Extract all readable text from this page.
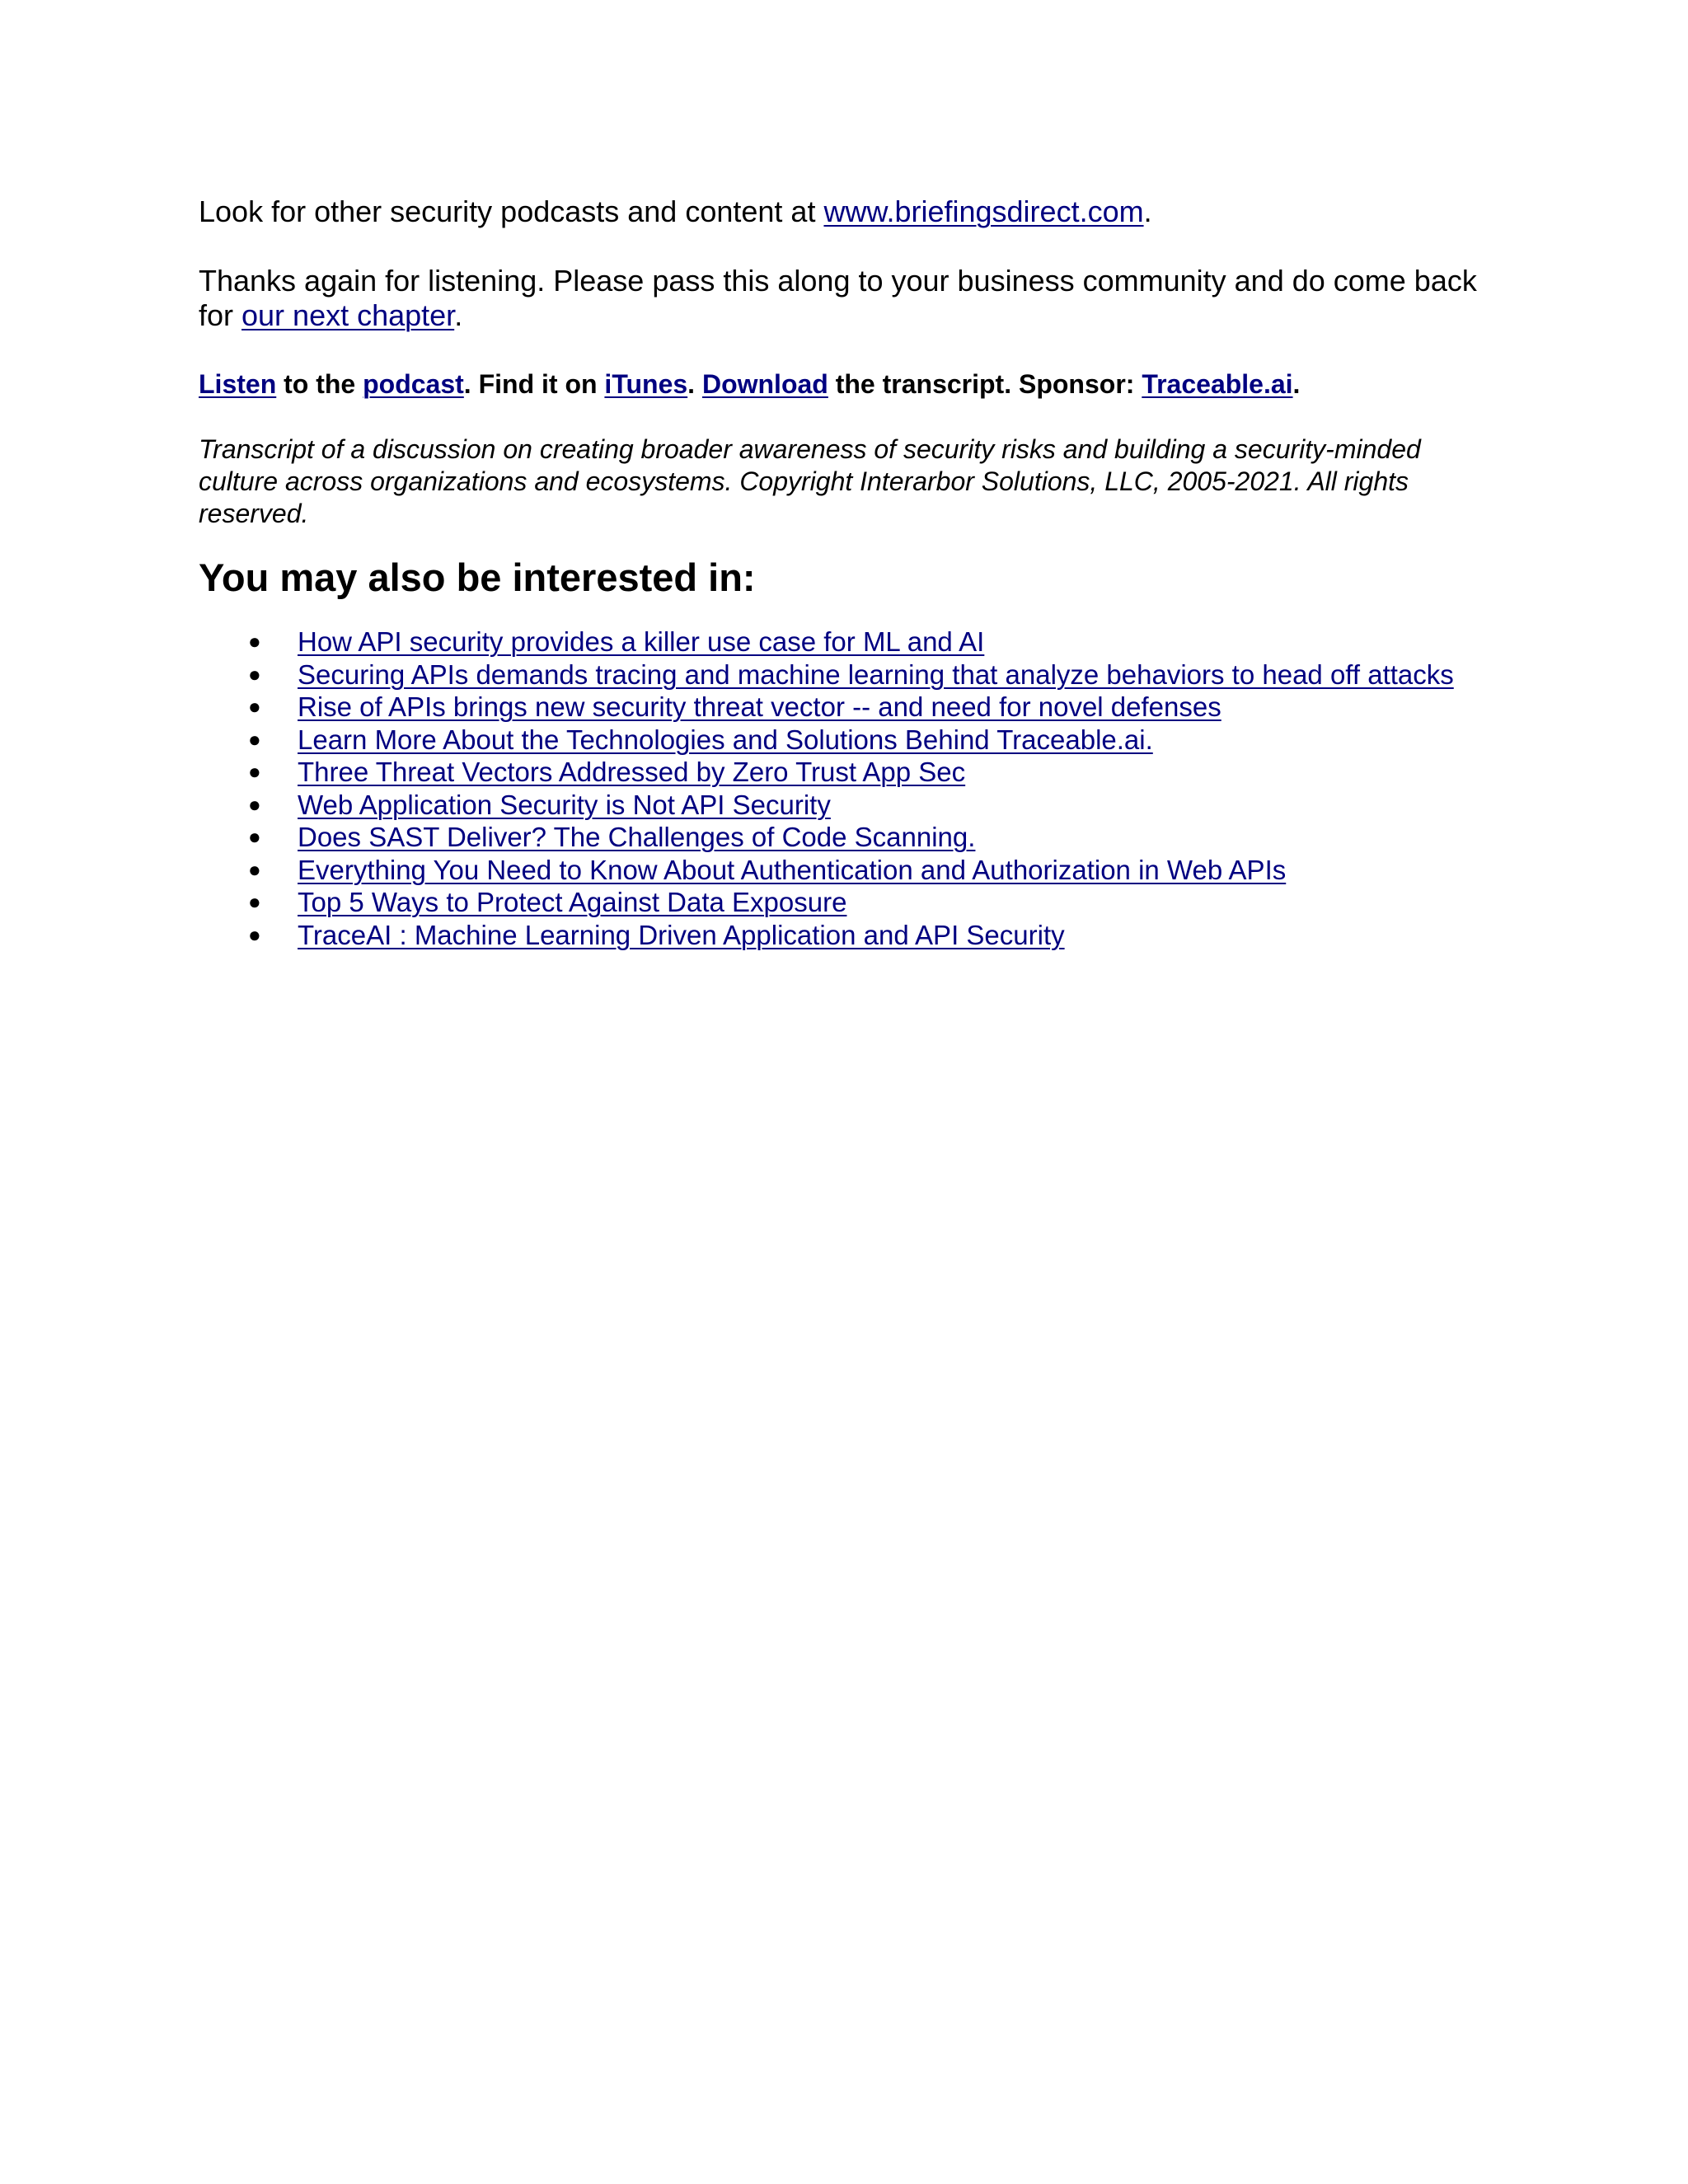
Look for other security podcasts and content at www.briefingsdirect.com.

Thanks again for listening. Please pass this along to your business community and do come back for our next chapter.

Listen to the podcast. Find it on iTunes. Download the transcript. Sponsor: Traceable.ai.

Transcript of a discussion on creating broader awareness of security risks and building a security-minded culture across organizations and ecosystems. Copyright Interarbor Solutions, LLC, 2005-2021. All rights reserved.

You may also be interested in:
● How API security provides a killer use case for ML and AI
● Securing APIs demands tracing and machine learning that analyze behaviors to head off attacks
● Rise of APIs brings new security threat vector -- and need for novel defenses
● Learn More About the Technologies and Solutions Behind Traceable.ai.
● Three Threat Vectors Addressed by Zero Trust App Sec
● Web Application Security is Not API Security
● Does SAST Deliver? The Challenges of Code Scanning.
● Everything You Need to Know About Authentication and Authorization in Web APIs
● Top 5 Ways to Protect Against Data Exposure
● TraceAI : Machine Learning Driven Application and API Security
